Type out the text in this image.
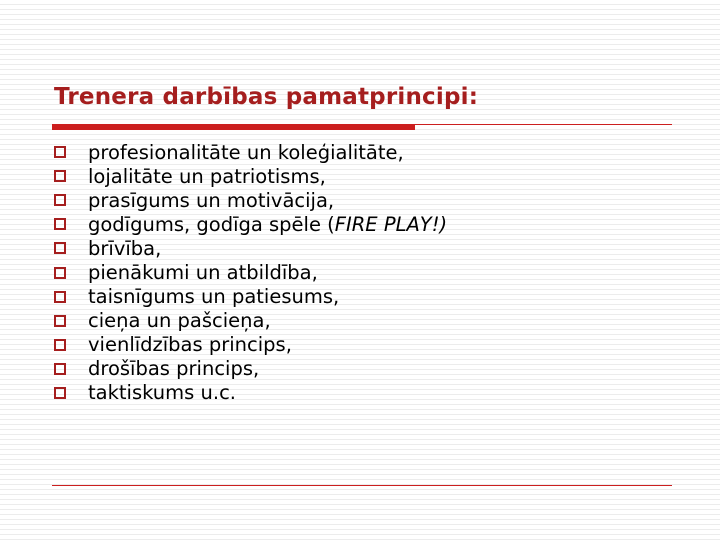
Trenera darbības pamatprincipi:
profesionalitāte un koleģialitāte,
lojalitāte un patriotisms,
prasīgums un motivācija,
godīgums, godīga spēle (FIRE PLAY!)
brīvība,
pienākumi un atbildība,
taisnīgums un patiesums,
cieņa un pašcieņa,
vienlīdzības princips,
drošības princips,
taktiskums u.c.
